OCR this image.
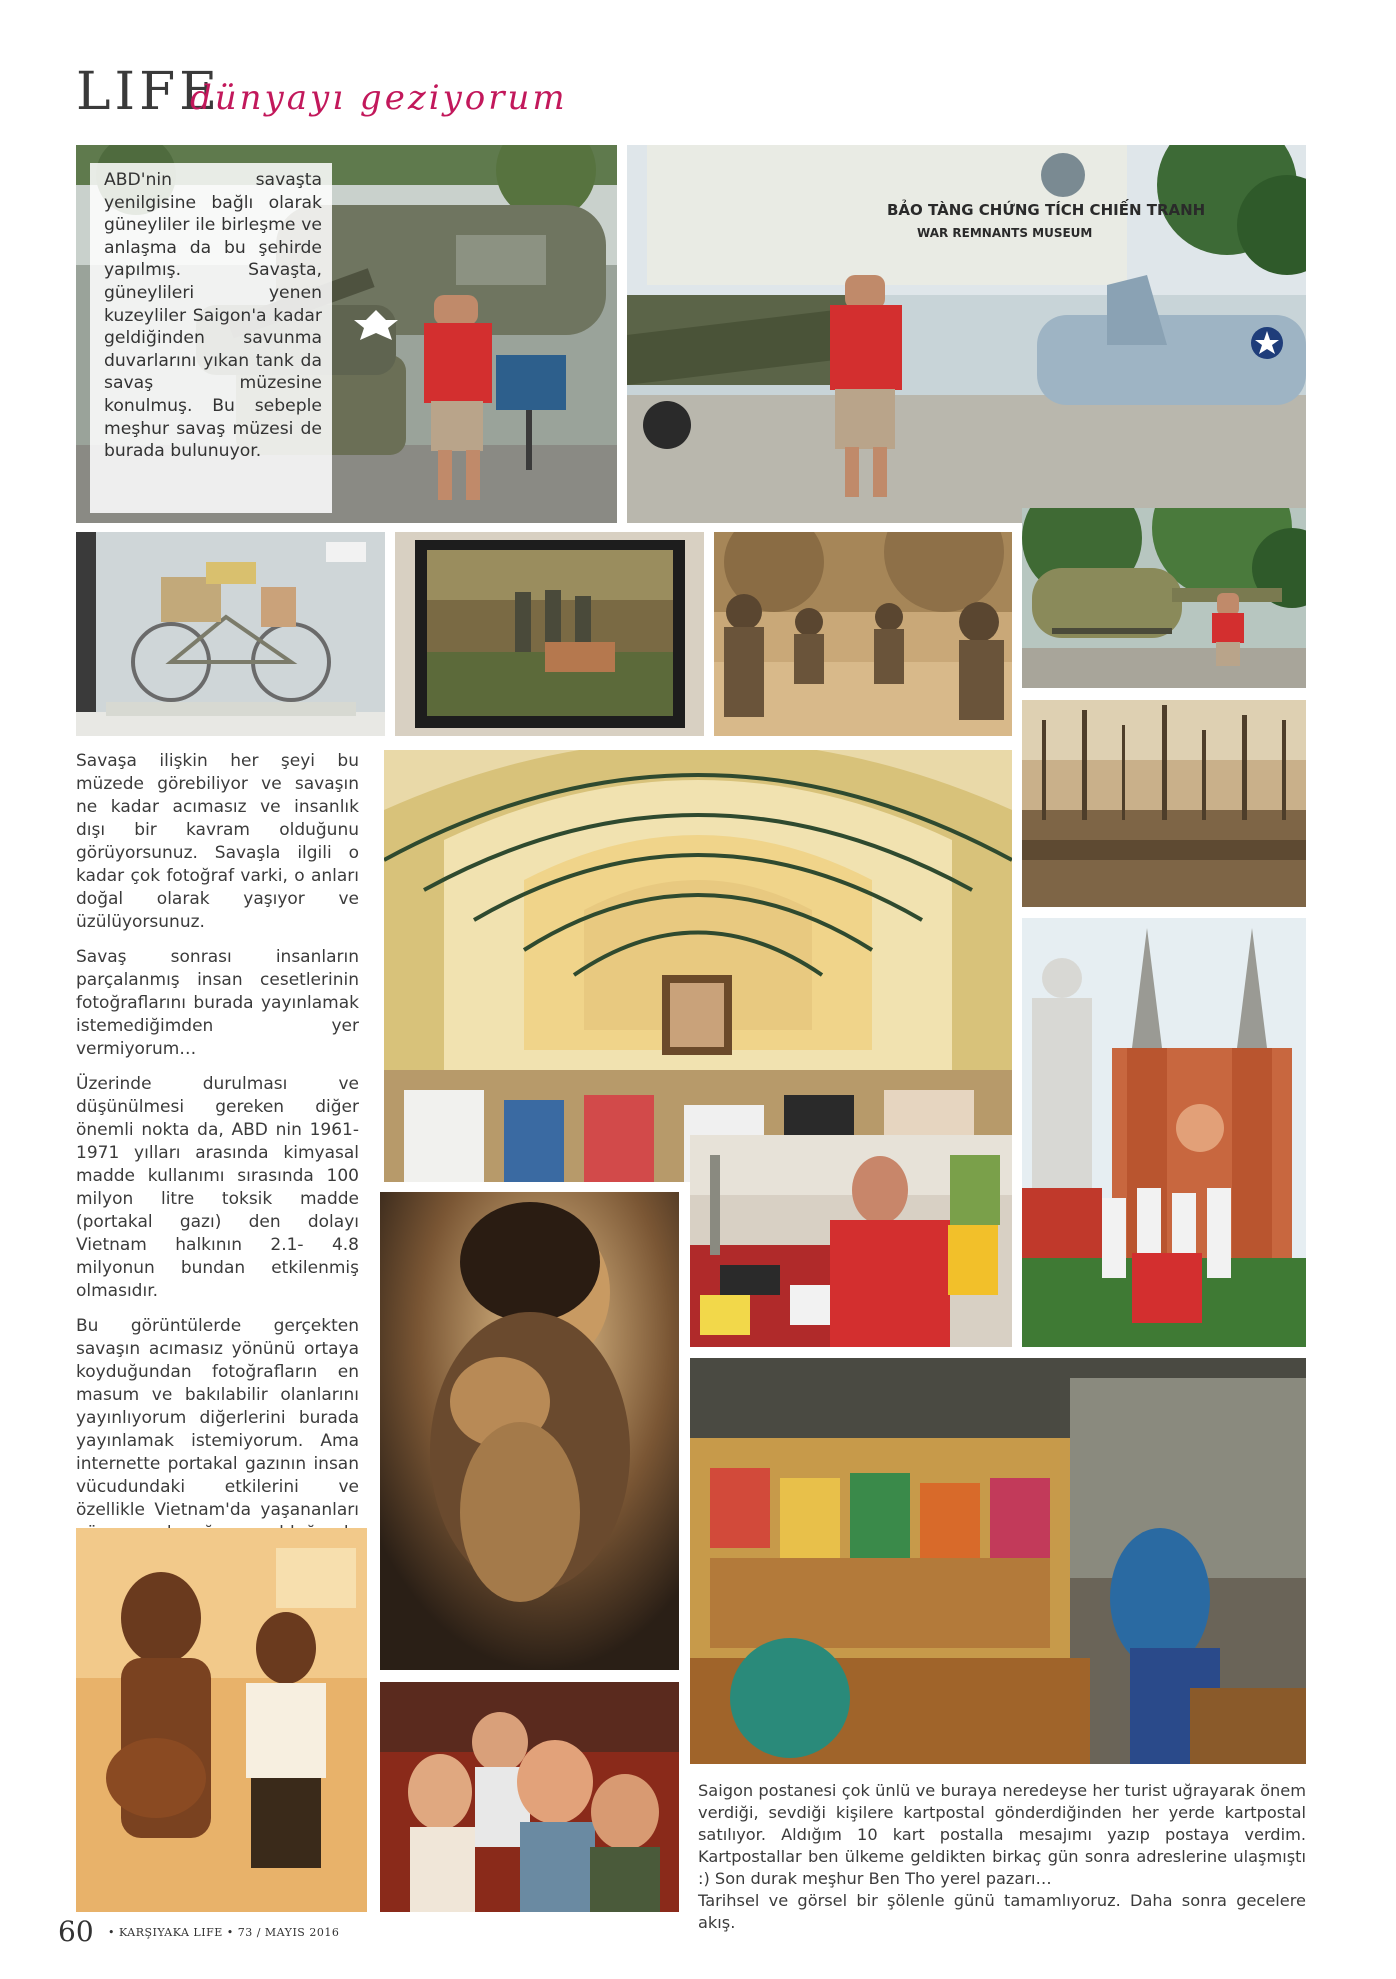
LIFE
dünyayı geziyorum

ABD'nin savaşta yenilgisine bağlı olarak güneyliler ile birleşme ve anlaşma da bu şehirde yapılmış. Savaşta, güneylileri yenen kuzeyliler Saigon'a kadar geldiğinden savunma duvarlarını yıkan tank da savaş müzesine konulmuş. Bu sebeple meşhur savaş müzesi de burada bulunuyor.

BẢO TÀNG CHỨNG TÍCH CHIẾN TRANH
WAR REMNANTS MUSEUM

Savaşa ilişkin her şeyi bu müzede görebiliyor ve savaşın ne kadar acımasız ve insanlık dışı bir kavram olduğunu görüyorsunuz. Savaşla ilgili o kadar çok fotoğraf varki, o anları doğal olarak yaşıyor ve üzülüyorsunuz.

Savaş sonrası insanların parçalanmış insan cesetlerinin fotoğraflarını burada yayınlamak istemediğimden yer vermiyorum…

Üzerinde durulması ve düşünülmesi gereken diğer önemli nokta da, ABD nin 1961-1971 yılları arasında kimyasal madde kullanımı sırasında 100 milyon litre toksik madde (portakal gazı) den dolayı Vietnam halkının 2.1- 4.8 milyonun bundan etkilenmiş olmasıdır.

Bu görüntülerde gerçekten savaşın acımasız yönünü ortaya koyduğundan fotoğrafların en masum ve bakılabilir olanlarını yayınlıyorum diğerlerini burada yayınlamak istemiyorum. Ama internette portakal gazının insan vücudundaki etkilerini ve özellikle Vietnam'da yaşananları

Saigon postanesi çok ünlü ve buraya neredeyse her turist uğrayarak önem verdiği, sevdiği kişilere kartpostal gönderdiğinden her yerde kartpostal satılıyor. Aldığım 10 kart postalla mesajımı yazıp postaya verdim. Kartpostallar ben ülkeme geldikten birkaç gün sonra adreslerine ulaşmıştı :) Son durak meşhur Ben Tho yerel pazarı…

Tarihsel ve görsel bir şölenle günü tamamlıyoruz. Daha sonra gecelere akış.

60 • KARŞIYAKA LIFE • 73 / MAYIS 2016
